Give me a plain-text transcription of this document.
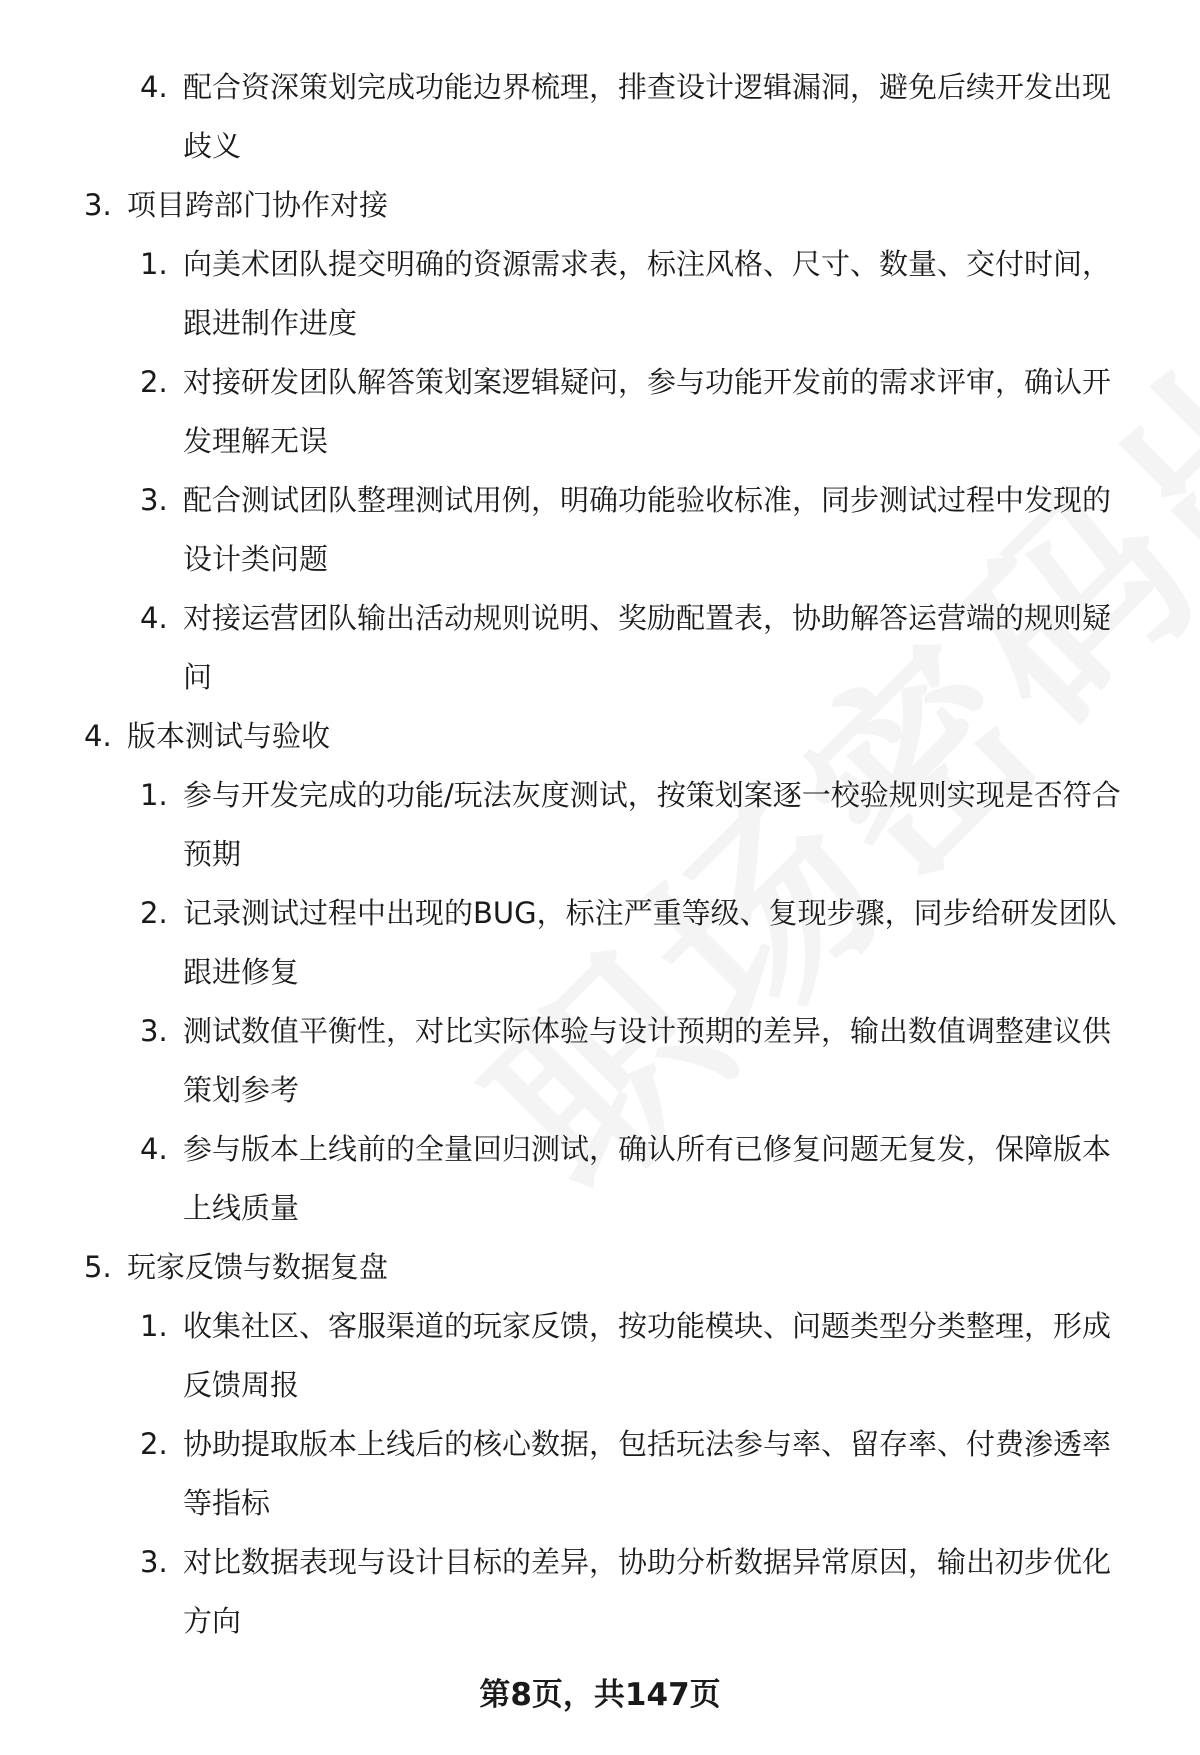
4. 配合资深策划完成功能边界梳理，排查设计逻辑漏洞，避免后续开发出现
歧义
3. 项目跨部门协作对接
1. 向美术团队提交明确的资源需求表，标注风格、尺寸、数量、交付时间，
跟进制作进度
2. 对接研发团队解答策划案逻辑疑问，参与功能开发前的需求评审，确认开
发理解无误
3. 配合测试团队整理测试用例，明确功能验收标准，同步测试过程中发现的
设计类问题
4. 对接运营团队输出活动规则说明、奖励配置表，协助解答运营端的规则疑
问
4. 版本测试与验收
1. 参与开发完成的功能/玩法灰度测试，按策划案逐一校验规则实现是否符合
预期
2. 记录测试过程中出现的BUG，标注严重等级、复现步骤，同步给研发团队
跟进修复
3. 测试数值平衡性，对比实际体验与设计预期的差异，输出数值调整建议供
策划参考
4. 参与版本上线前的全量回归测试，确认所有已修复问题无复发，保障版本
上线质量
5. 玩家反馈与数据复盘
1. 收集社区、客服渠道的玩家反馈，按功能模块、问题类型分类整理，形成
反馈周报
2. 协助提取版本上线后的核心数据，包括玩法参与率、留存率、付费渗透率
等指标
3. 对比数据表现与设计目标的差异，协助分析数据异常原因，输出初步优化
方向
第8页，共147页
